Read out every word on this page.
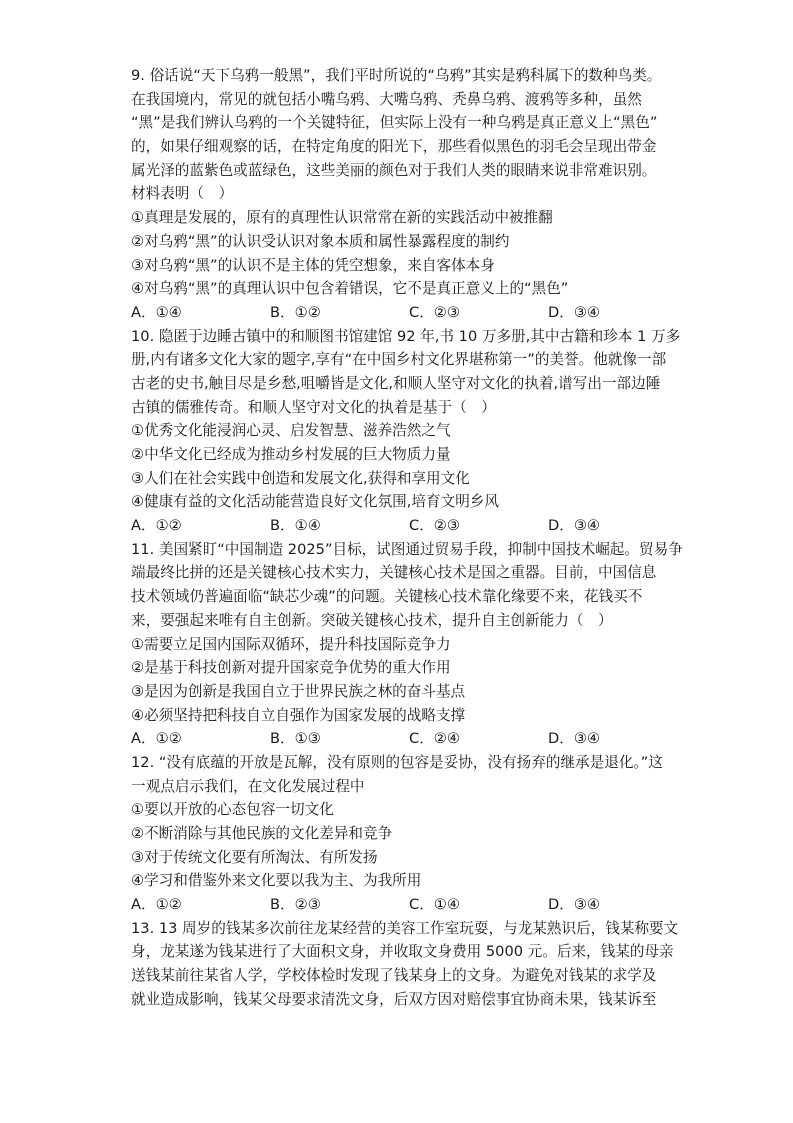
9. 俗话说“天下乌鸦一般黑”，我们平时所说的“乌鸦”其实是鸦科属下的数种鸟类。
在我国境内，常见的就包括小嘴乌鸦、大嘴乌鸦、秃鼻乌鸦、渡鸦等多种，虽然
“黑”是我们辨认乌鸦的一个关键特征，但实际上没有一种乌鸦是真正意义上“黑色”
的，如果仔细观察的话，在特定角度的阳光下，那些看似黑色的羽毛会呈现出带金
属光泽的蓝紫色或蓝绿色，这些美丽的颜色对于我们人类的眼睛来说非常难识别。
材料表明（　）
①真理是发展的，原有的真理性认识常常在新的实践活动中被推翻
②对乌鸦“黑”的认识受认识对象本质和属性暴露程度的制约
③对乌鸦“黑”的认识不是主体的凭空想象，来自客体本身
④对乌鸦“黑”的真理认识中包含着错误，它不是真正意义上的“黑色”
A．①④	B．①②	C．②③	D．③④
10. 隐匿于边睡古镇中的和顺图书馆建馆 92 年,书 10 万多册,其中古籍和珍本 1 万多
册,内有诸多文化大家的题字,享有“在中国乡村文化界堪称第一”的美誉。他就像一部
古老的史书,触目尽是乡愁,咀嚼皆是文化,和顺人坚守对文化的执着,谱写出一部边陲
古镇的儒雅传奇。和顺人坚守对文化的执着是基于（　）
①优秀文化能浸润心灵、启发智慧、滋养浩然之气
②中华文化已经成为推动乡村发展的巨大物质力量
③人们在社会实践中创造和发展文化,获得和享用文化
④健康有益的文化活动能营造良好文化氛围,培育文明乡风
A．①②	B．①④	C．②③	D．③④
11. 美国紧盯“中国制造 2025”目标，试图通过贸易手段，抑制中国技术崛起。贸易争
端最终比拼的还是关键核心技术实力，关键核心技术是国之重器。目前，中国信息
技术领域仍普遍面临“缺芯少魂”的问题。关键核心技术靠化缘要不来，花钱买不
来，要强起来唯有自主创新。突破关键核心技术，提升自主创新能力（　）
①需要立足国内国际双循环，提升科技国际竞争力
②是基于科技创新对提升国家竞争优势的重大作用
③是因为创新是我国自立于世界民族之林的奋斗基点
④必须坚持把科技自立自强作为国家发展的战略支撑
A．①②	B．①③	C．②④	D．③④
12. “没有底蕴的开放是瓦解，没有原则的包容是妥协，没有扬弃的继承是退化。”这
一观点启示我们，在文化发展过程中
①要以开放的心态包容一切文化
②不断消除与其他民族的文化差异和竞争
③对于传统文化要有所淘汰、有所发扬
④学习和借鉴外来文化要以我为主、为我所用
A．①②	B．②③	C．①④	D．③④
13. 13 周岁的钱某多次前往龙某经营的美容工作室玩耍，与龙某熟识后，钱某称要文
身，龙某遂为钱某进行了大面积文身，并收取文身费用 5000 元。后来，钱某的母亲
送钱某前往某省人学，学校体检时发现了钱某身上的文身。为避免对钱某的求学及
就业造成影响，钱某父母要求清洗文身，后双方因对赔偿事宜协商未果，钱某诉至
